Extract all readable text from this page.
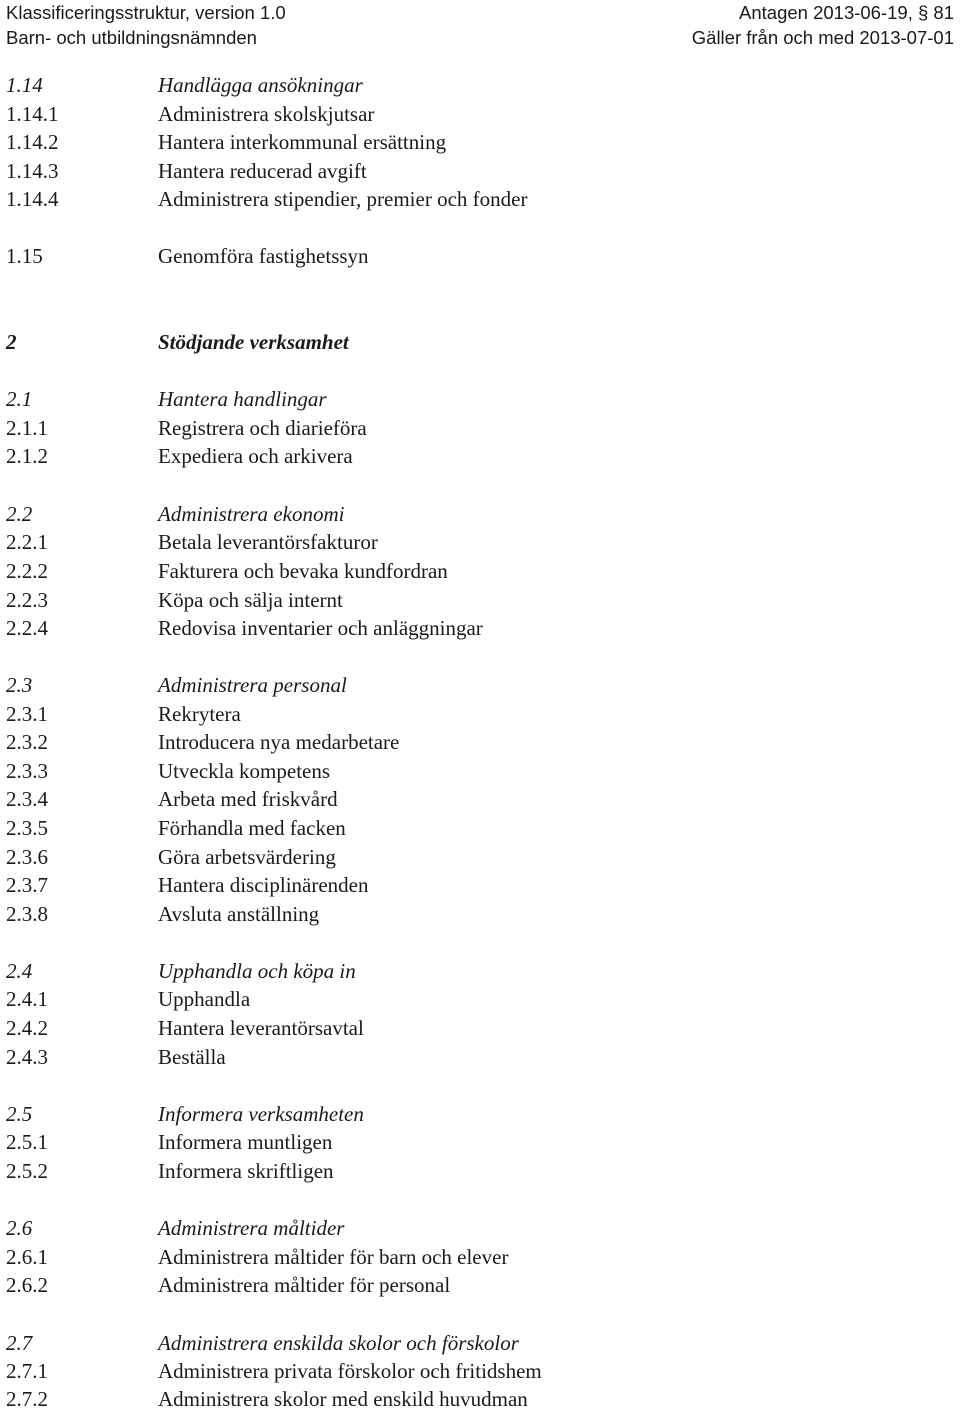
Klassificeringsstruktur, version 1.0	Antagen 2013-06-19, § 81
Barn- och utbildningsnämnden	Gäller från och med 2013-07-01
1.14	Handlägga ansökningar
1.14.1	Administrera skolskjutsar
1.14.2	Hantera interkommunal ersättning
1.14.3	Hantera reducerad avgift
1.14.4	Administrera stipendier, premier och fonder
1.15	Genomföra fastighetssyn
2	Stödjande verksamhet
2.1	Hantera handlingar
2.1.1	Registrera och diarieföra
2.1.2	Expediera och arkivera
2.2	Administrera ekonomi
2.2.1	Betala leverantörsfakturor
2.2.2	Fakturera och bevaka kundfordran
2.2.3	Köpa och sälja internt
2.2.4	Redovisa inventarier och anläggningar
2.3	Administrera personal
2.3.1	Rekrytera
2.3.2	Introducera nya medarbetare
2.3.3	Utveckla kompetens
2.3.4	Arbeta med friskvård
2.3.5	Förhandla med facken
2.3.6	Göra arbetsvärdering
2.3.7	Hantera disciplinärenden
2.3.8	Avsluta anställning
2.4	Upphandla och köpa in
2.4.1	Upphandla
2.4.2	Hantera leverantörsavtal
2.4.3	Beställa
2.5	Informera verksamheten
2.5.1	Informera muntligen
2.5.2	Informera skriftligen
2.6	Administrera måltider
2.6.1	Administrera måltider för barn och elever
2.6.2	Administrera måltider för personal
2.7	Administrera enskilda skolor och förskolor
2.7.1	Administrera privata förskolor och fritidshem
2.7.2	Administrera skolor med enskild huvudman
